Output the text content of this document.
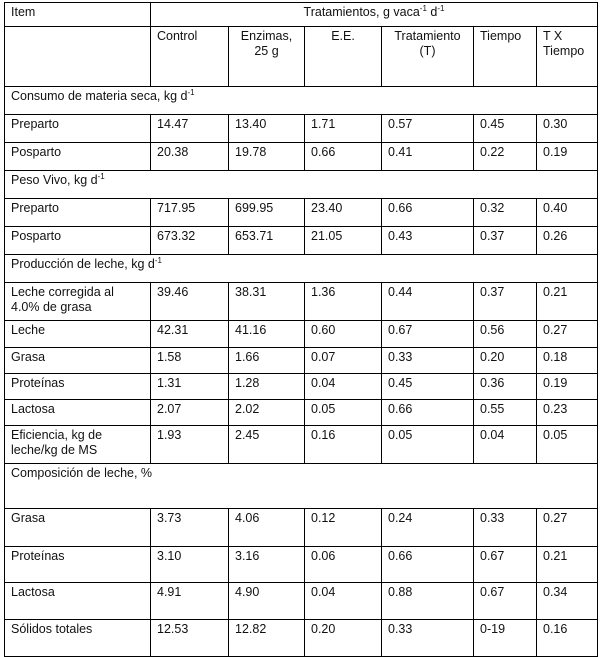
Item	Tratamientos, g vaca$^{-1}$ $d^{-1}$
	Control	Enzimas, 25 g	E.E.	Tratamiento (T)	Tiempo	T X Tiempo
Consumo de materia seca, kg $d^{-1}$
Preparto	14.47	13.40	1.71	0.57	0.45	0.30
Posparto	20.38	19.78	0.66	0.41	0.22	0.19
Peso Vivo, kg $d^{-1}$
Preparto	717.95	699.95	23.40	0.66	0.32	0.40
Posparto	673.32	653.71	21.05	0.43	0.37	0.26
Producción de leche, kg $d^{-1}$
Leche corregida al 4.0% de grasa	39.46	38.31	1.36	0.44	0.37	0.21
Leche	42.31	41.16	0.60	0.67	0.56	0.27
Grasa	1.58	1.66	0.07	0.33	0.20	0.18
Proteínas	1.31	1.28	0.04	0.45	0.36	0.19
Lactosa	2.07	2.02	0.05	0.66	0.55	0.23
Eficiencia, kg de leche/kg de MS	1.93	2.45	0.16	0.05	0.04	0.05
Composición de leche, %						
Grasa	3.73	4.06	0.12	0.24	0.33	0.27
Proteínas	3.10	3.16	0.06	0.66	0.67	0.21
Lactosa	4.91	4.90	0.04	0.88	0.67	0.34
Sólidos totales	12.53	12.82	0.20	0.33	0-19	0.16
